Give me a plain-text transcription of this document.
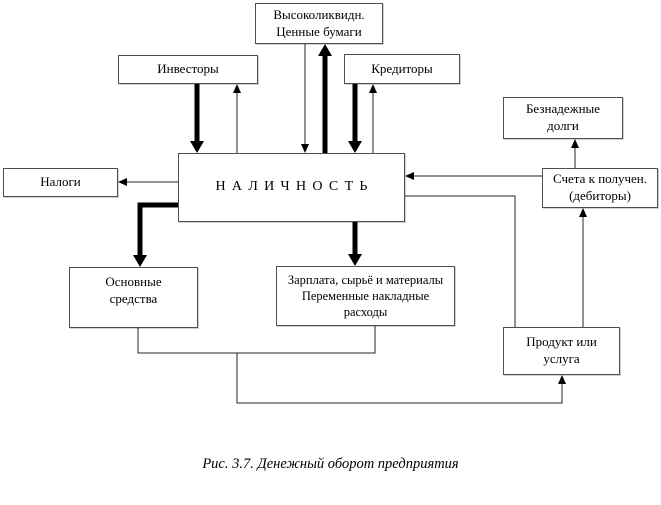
Высоколиквидн.
Ценные бумаги
Инвесторы	Кредиторы
НАЛИЧНОСТЬ
Налоги
Безнадежные
долги
Счета к получен.
(дебиторы)
Основные
средства
Зарплата, сырьё и материалы
Переменные накладные
расходы
Продукт или
услуга
Рис. 3.7. Денежный оборот предприятия
